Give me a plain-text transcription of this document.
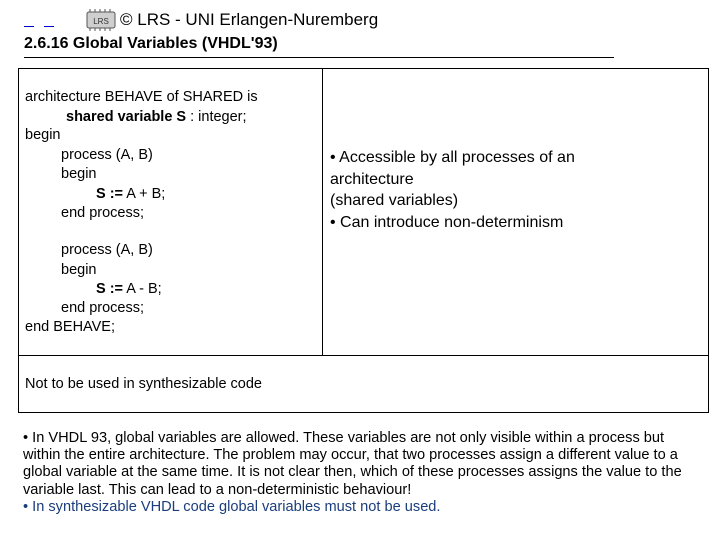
LRS © LRS - UNI Erlangen-Nuremberg
2.6.16 Global Variables (VHDL'93)
architecture BEHAVE of SHARED is
shared variable S : integer;
begin
process (A, B)
begin
S := A + B;
end process;
process (A, B)
begin
S := A - B;
end process;
end BEHAVE;
• Accessible by all processes of an
architecture
(shared variables)
• Can introduce non-determinism
Not to be used in synthesizable code
• In VHDL 93, global variables are allowed. These variables are not only visible within a process but within the entire architecture. The problem may occur, that two processes assign a different value to a global variable at the same time. It is not clear then, which of these processes assigns the value to the variable last. This can lead to a non-deterministic behaviour!
• In synthesizable VHDL code global variables must not be used.
